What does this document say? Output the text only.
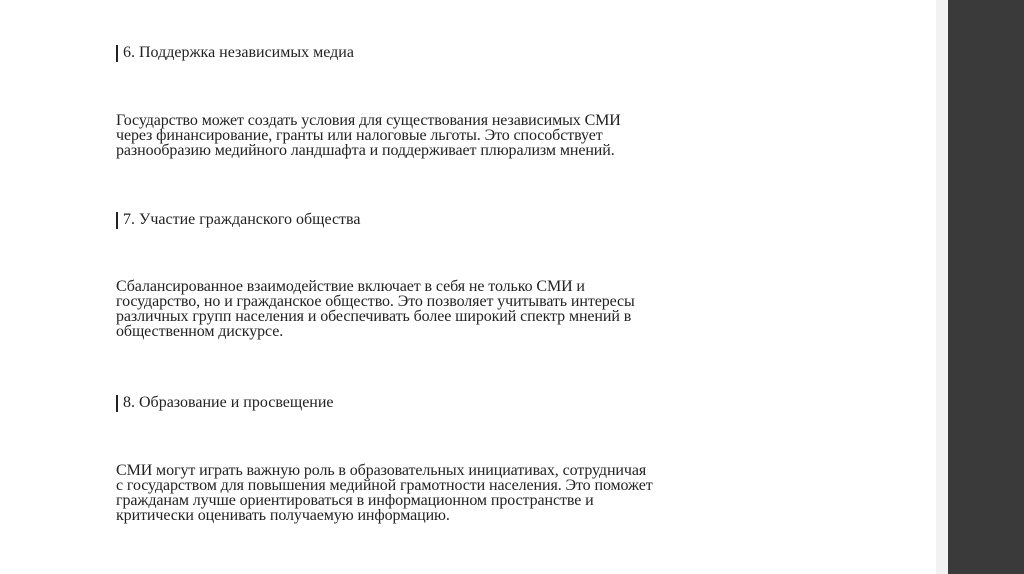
6. Поддержка независимых медиа
Государство может создать условия для существования независимых СМИ
через финансирование, гранты или налоговые льготы. Это способствует
разнообразию медийного ландшафта и поддерживает плюрализм мнений.
7. Участие гражданского общества
Сбалансированное взаимодействие включает в себя не только СМИ и
государство, но и гражданское общество. Это позволяет учитывать интересы
различных групп населения и обеспечивать более широкий спектр мнений в
общественном дискурсе.
8. Образование и просвещение
СМИ могут играть важную роль в образовательных инициативах, сотрудничая
с государством для повышения медийной грамотности населения. Это поможет
гражданам лучше ориентироваться в информационном пространстве и
критически оценивать получаемую информацию.
